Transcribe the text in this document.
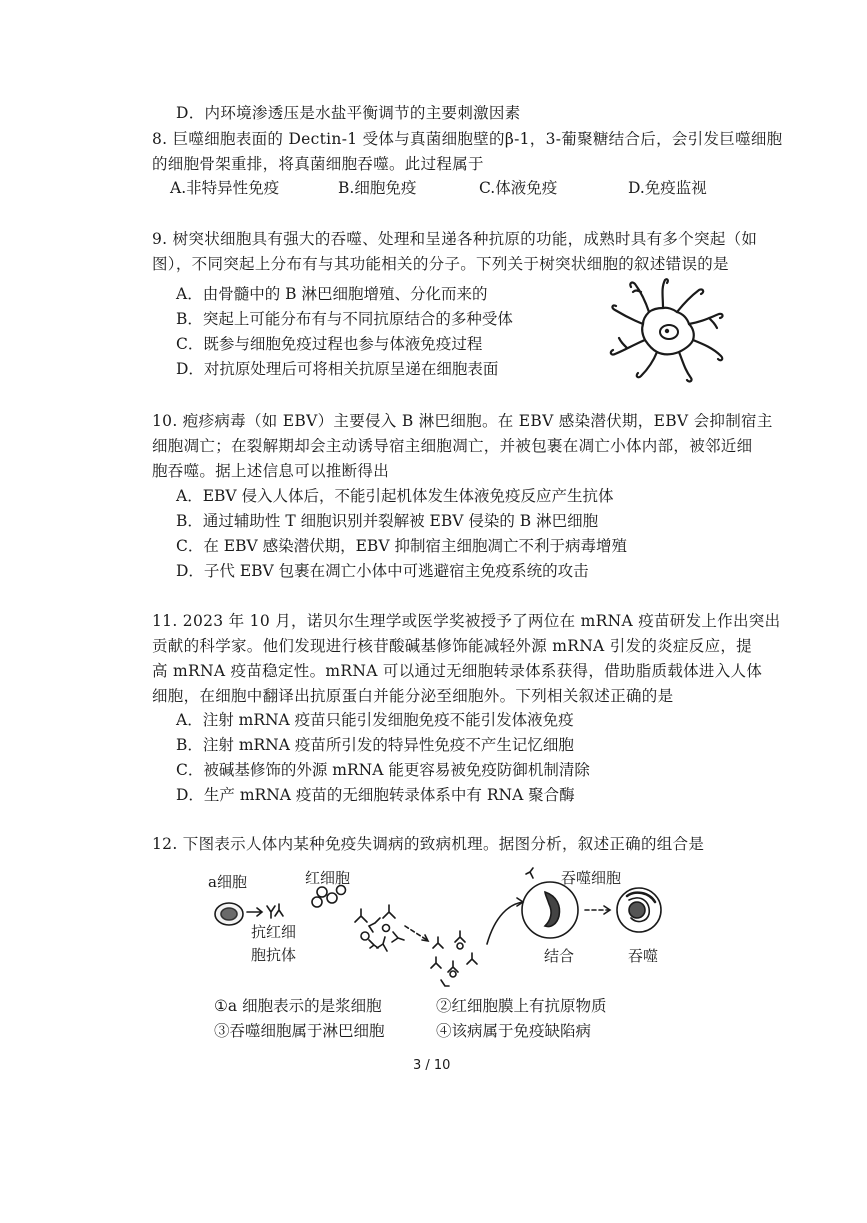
D．内环境渗透压是水盐平衡调节的主要刺激因素
8. 巨噬细胞表面的 Dectin-1 受体与真菌细胞壁的β-1，3-葡聚糖结合后，会引发巨噬细胞
的细胞骨架重排，将真菌细胞吞噬。此过程属于
A.非特异性免疫	B.细胞免疫	C.体液免疫	D.免疫监视
9. 树突状细胞具有强大的吞噬、处理和呈递各种抗原的功能，成熟时具有多个突起（如
图），不同突起上分布有与其功能相关的分子。下列关于树突状细胞的叙述错误的是
A．由骨髓中的 B 淋巴细胞增殖、分化而来的
B．突起上可能分布有与不同抗原结合的多种受体
C．既参与细胞免疫过程也参与体液免疫过程
D．对抗原处理后可将相关抗原呈递在细胞表面
10. 疱疹病毒（如 EBV）主要侵入 B 淋巴细胞。在 EBV 感染潜伏期，EBV 会抑制宿主
细胞凋亡；在裂解期却会主动诱导宿主细胞凋亡，并被包裹在凋亡小体内部，被邻近细
胞吞噬。据上述信息可以推断得出
A．EBV 侵入人体后，不能引起机体发生体液免疫反应产生抗体
B．通过辅助性 T 细胞识别并裂解被 EBV 侵染的 B 淋巴细胞
C．在 EBV 感染潜伏期，EBV 抑制宿主细胞凋亡不利于病毒增殖
D．子代 EBV 包裹在凋亡小体中可逃避宿主免疫系统的攻击
11. 2023 年 10 月，诺贝尔生理学或医学奖被授予了两位在 mRNA 疫苗研发上作出突出
贡献的科学家。他们发现进行核苷酸碱基修饰能减轻外源 mRNA 引发的炎症反应，提
高 mRNA 疫苗稳定性。mRNA 可以通过无细胞转录体系获得，借助脂质载体进入人体
细胞，在细胞中翻译出抗原蛋白并能分泌至细胞外。下列相关叙述正确的是
A．注射 mRNA 疫苗只能引发细胞免疫不能引发体液免疫
B．注射 mRNA 疫苗所引发的特异性免疫不产生记忆细胞
C．被碱基修饰的外源 mRNA 能更容易被免疫防御机制清除
D．生产 mRNA 疫苗的无细胞转录体系中有 RNA 聚合酶
12. 下图表示人体内某种免疫失调病的致病机理。据图分析，叙述正确的组合是
a细胞
抗红细
胞抗体
红细胞	吞噬细胞
结合	吞噬
①a 细胞表示的是浆细胞	②红细胞膜上有抗原物质
③吞噬细胞属于淋巴细胞	④该病属于免疫缺陷病
3 / 10
